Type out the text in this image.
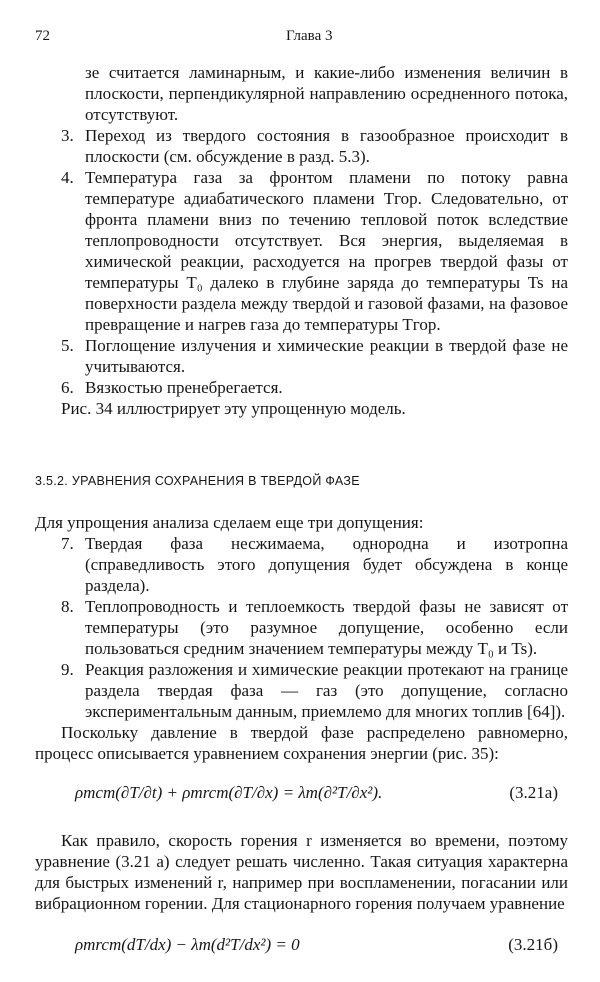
72	Глава 3

зе считается ламинарным, и какие-либо изменения величин в плоскости, перпендикулярной направлению осредненного потока, отсутствуют.

3. Переход из твердого состояния в газообразное происходит в плоскости (см. обсуждение в разд. 5.3).

4. Температура газа за фронтом пламени по потоку равна температуре адиабатического пламени Tгор. Следовательно, от фронта пламени вниз по течению тепловой поток вследствие теплопроводности отсутствует. Вся энергия, выделяемая в химической реакции, расходуется на прогрев твердой фазы от температуры T₀ далеко в глубине заряда до температуры Ts на поверхности раздела между твердой и газовой фазами, на фазовое превращение и нагрев газа до температуры Tгор.

5. Поглощение излучения и химические реакции в твердой фазе не учитываются.

6. Вязкостью пренебрегается.

Рис. 34 иллюстрирует эту упрощенную модель.

3.5.2. УРАВНЕНИЯ СОХРАНЕНИЯ В ТВЕРДОЙ ФАЗЕ

Для упрощения анализа сделаем еще три допущения:

7. Твердая фаза несжимаема, однородна и изотропна (справедливость этого допущения будет обсуждена в конце раздела).

8. Теплопроводность и теплоемкость твердой фазы не зависят от температуры (это разумное допущение, особенно если пользоваться средним значением температуры между T₀ и Ts).

9. Реакция разложения и химические реакции протекают на границе раздела твердая фаза — газ (это допущение, согласно экспериментальным данным, приемлемо для многих топлив [64]).

Поскольку давление в твердой фазе распределено равномерно, процесс описывается уравнением сохранения энергии (рис. 35):

ρтcт(∂T/∂t) + ρтrcт(∂T/∂x) = λт(∂²T/∂x²).	(3.21а)

Как правило, скорость горения r изменяется во времени, поэтому уравнение (3.21 а) следует решать численно. Такая ситуация характерна для быстрых изменений r, например при воспламенении, погасании или вибрационном горении. Для стационарного горения получаем уравнение

ρтrcт(dT/dx) − λт(d²T/dx²) = 0	(3.21б)
